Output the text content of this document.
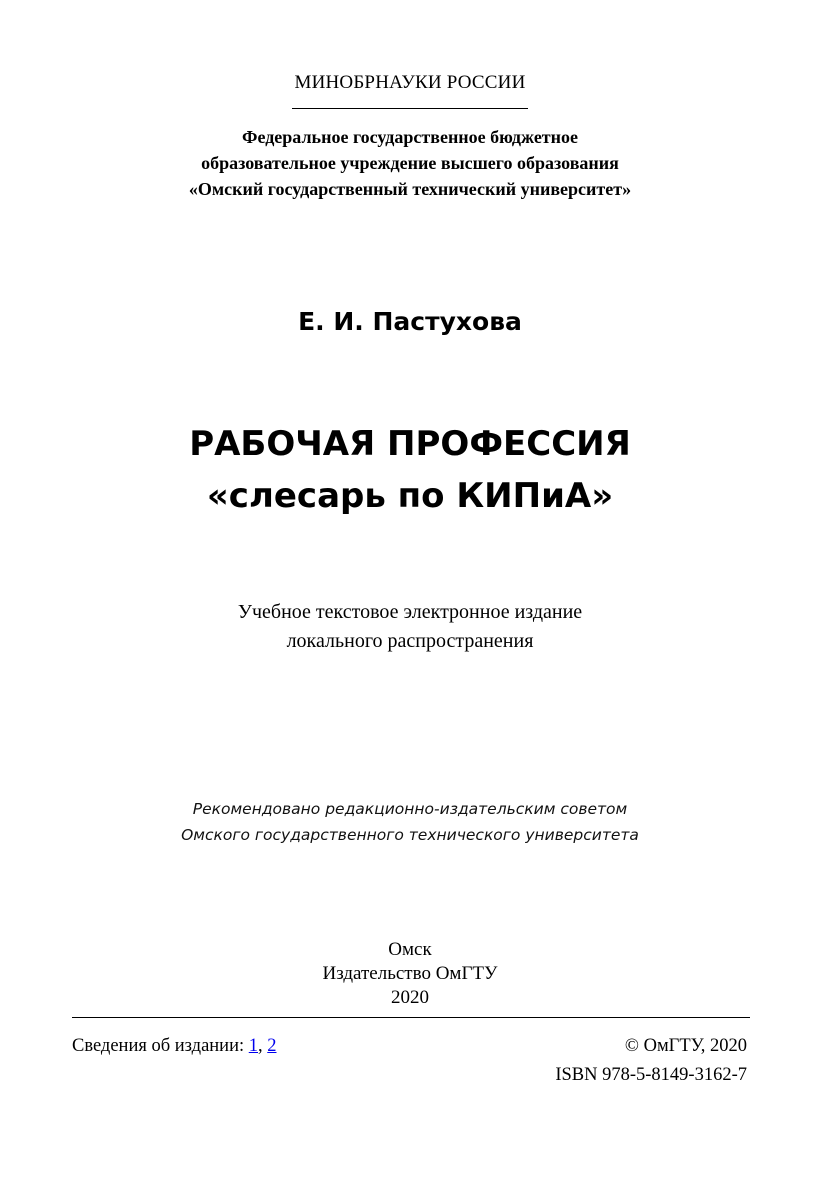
МИНОБРНАУКИ РОССИИ
Федеральное государственное бюджетное
образовательное учреждение высшего образования
«Омский государственный технический университет»
Е. И. Пастухова
РАБОЧАЯ ПРОФЕССИЯ
«слесарь по КИПиА»
Учебное текстовое электронное издание
локального распространения
Рекомендовано редакционно-издательским советом
Омского государственного технического университета
Омск
Издательство ОмГТУ
2020
Сведения об издании: 1, 2	© ОмГТУ, 2020
ISBN 978-5-8149-3162-7
